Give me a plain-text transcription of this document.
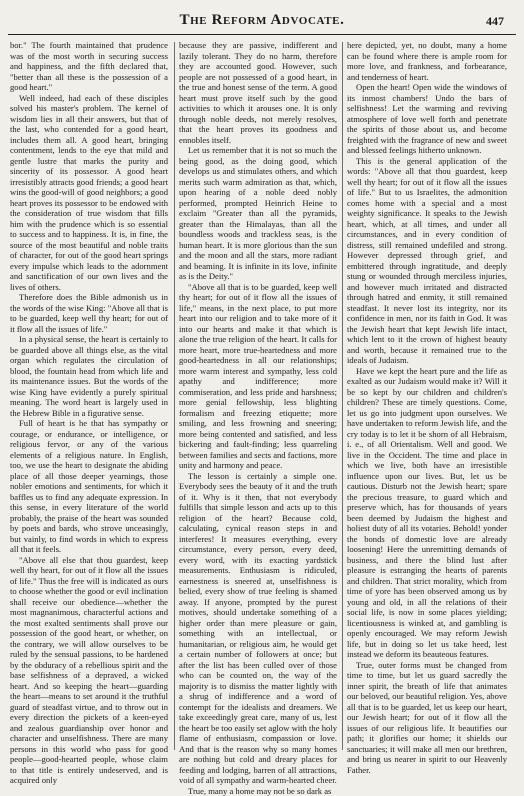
The Reform Advocate.	447

bor." The fourth maintained that prudence was of the most worth in securing success and happiness, and the fifth declared that, "better than all these is the possession of a good heart."

Well indeed, had each of these disciples solved his master's problem. The kernel of wisdom lies in all their answers, but that of the last, who contended for a good heart, includes them all. A good heart, bringing contentment, lends to the eye that mild and gentle lustre that marks the purity and sincerity of its possessor. A good heart irresistibly attracts good friends; a good heart wins the good-will of good neighbors; a good heart proves its possessor to be endowed with the consideration of true wisdom that fills him with the prudence which is so essential to success and to happiness. It is, in fine, the source of the most beautiful and noble traits of character, for out of the good heart springs every impulse which leads to the adornment and sanctification of our own lives and the lives of others.

Therefore does the Bible admonish us in the words of the wise King: "Above all that is to be guarded, keep well thy heart; for out of it flow all the issues of life."

In a physical sense, the heart is certainly to be guarded above all things else, as the vital organ which regulates the circulation of blood, the fountain head from which life and its maintenance issues. But the words of the wise King have evidently a purely spiritual meaning. The word heart is largely used in the Hebrew Bible in a figurative sense.

Full of heart is he that has sympathy or courage, or endurance, or intelligence, or religious fervor, or any of the various elements of a religious nature. In English, too, we use the heart to designate the abiding place of all those deeper yearnings, those nobler emotions and sentiments, for which it baffles us to find any adequate expression. In this sense, in every literature of the world probably, the praise of the heart was sounded by poets and bards, who strove unceasingly, but vainly, to find words in which to express all that it feels.

"Above all else that thou guardest, keep well thy heart, for out of it flow all the issues of life." Thus the free will is indicated as ours to choose whether the good or evil inclination shall receive our obedience—whether the most magnanimous, characterful actions and the most exalted sentiments shall prove our possession of the good heart, or whether, on the contrary, we will allow ourselves to be ruled by the sensual passions, to be hardened by the obduracy of a rebellious spirit and the base selfishness of a depraved, a wicked heart. And so keeping the heart—guarding the heart—means to set around it the truthful guard of steadfast virtue, and to throw out in every direction the pickets of a keen-eyed and zealous guardianship over honor and character and unselfishness. There are many persons in this world who pass for good people—good-hearted people, whose claim to that title is entirely undeserved, and is acquired only

because they are passive, indifferent and lazily tolerant. They do no harm, therefore they are accounted good. However, such people are not possessed of a good heart, in the true and honest sense of the term. A good heart must prove itself such by the good activities to which it arouses one. It is only through noble deeds, not merely resolves, that the heart proves its goodness and ennobles itself.

Let us remember that it is not so much the being good, as the doing good, which develops us and stimulates others, and which merits such warm admiration as that, which, upon hearing of a noble deed nobly performed, prompted Heinrich Heine to exclaim "Greater than all the pyramids, greater than the Himalayas, than all the boundless woods and trackless seas, is the human heart. It is more glorious than the sun and the moon and all the stars, more radiant and beaming. It is infinite in its love, infinite as is the Deity."

"Above all that is to be guarded, keep well thy heart; for out of it flow all the issues of life," means, in the next place, to put more heart into our religion and to take more of it into our hearts and make it that which is alone the true religion of the heart. It calls for more heart, more true-heartedness and more good-heartedness in all our relationships; more warm interest and sympathy, less cold apathy and indifference; more commiseration, and less pride and harshness; more genial fellowship, less blighting formalism and freezing etiquette; more smiling, and less frowning and sneering; more being contented and satisfied, and less bickering and fault-finding; less quarreling between families and sects and factions, more unity and harmony and peace.

The lesson is certainly a simple one. Everybody sees the beauty of it and the truth of it. Why is it then, that not everybody fulfills that simple lesson and acts up to this religion of the heart? Because cold, calculating, cynical reason steps in and interferes! It measures everything, every circumstance, every person, every deed, every word, with its exacting yardstick measurements. Enthusiasm is ridiculed, earnestness is sneered at, unselfishness is belied, every show of true feeling is shamed away. If anyone, prompted by the purest motives, should undertake something of a higher order than mere pleasure or gain, something with an intellectual, or humanitarian, or religious aim, he would get a certain number of followers at once; but after the list has been culled over of those who can be counted on, the way of the majority is to dismiss the matter lightly with a shrug of indifference and a word of contempt for the idealists and dreamers. We take exceedingly great care, many of us, lest the heart be too easily set aglow with the holy flame of enthusiasm, compassion or love. And that is the reason why so many homes are nothing but cold and dreary places for feeding and lodging, barren of all attractions, void of all sympathy and warm-hearted cheer.

True, many a home may not be so dark as

here depicted, yet, no doubt, many a home can be found where there is ample room for more love, and frankness, and forbearance, and tenderness of heart.

Open the heart! Open wide the windows of its inmost chambers! Undo the bars of selfishness! Let the warming and reviving atmosphere of love well forth and penetrate the spirits of those about us, and become freighted with the fragrance of new and sweet and blessed feelings hitherto unknown.

This is the general application of the words: "Above all that thou guardest, keep well thy heart; for out of it flow all the issues of life." But to us Israelites, the admonition comes home with a special and a most weighty significance. It speaks to the Jewish heart, which, at all times, and under all circumstances, and in every condition of distress, still remained undefiled and strong. However depressed through grief, and embittered through ingratitude, and deeply stung or wounded through merciless injuries, and however much irritated and distracted through hatred and enmity, it still remained steadfast. It never lost its integrity, nor its confidence in men, nor its faith in God. It was the Jewish heart that kept Jewish life intact, which lent to it the crown of highest beauty and worth, because it remained true to the ideals of Judaism.

Have we kept the heart pure and the life as exalted as our Judaism would make it? Will it be so kept by our children and children's children? These are timely questions. Come, let us go into judgment upon ourselves. We have undertaken to reform Jewish life, and the cry today is to let it be shorn of all Hebraism, i. e., of all Orientalism. Well and good. We live in the Occident. The time and place in which we live, both have an irresistible influence upon our lives. But, let us be cautious. Disturb not the Jewish heart; spare the precious treasure, to guard which and preserve which, has for thousands of years been deemed by Judaism the highest and holiest duty of all its votaries. Behold! yonder the bonds of domestic love are already loosening! Here the unremitting demands of business, and there the blind lust after pleasure is estranging the hearts of parents and children. That strict morality, which from time of yore has been observed among us by young and old, in all the relations of their social life, is now in some places yielding; licentiousness is winked at, and gambling is openly encouraged. We may reform Jewish life, but in doing so let us take heed, lest instead we deform its beauteous features.

True, outer forms must be changed from time to time, but let us guard sacredly the inner spirit, the breath of life that animates our beloved, our beautiful religion. Yes, above all that is to be guarded, let us keep our heart, our Jewish heart; for out of it flow all the issues of our religious life. It beautifies our path; it glorifies our home; it shields our sanctuaries; it will make all men our brethren, and bring us nearer in spirit to our Heavenly Father.
